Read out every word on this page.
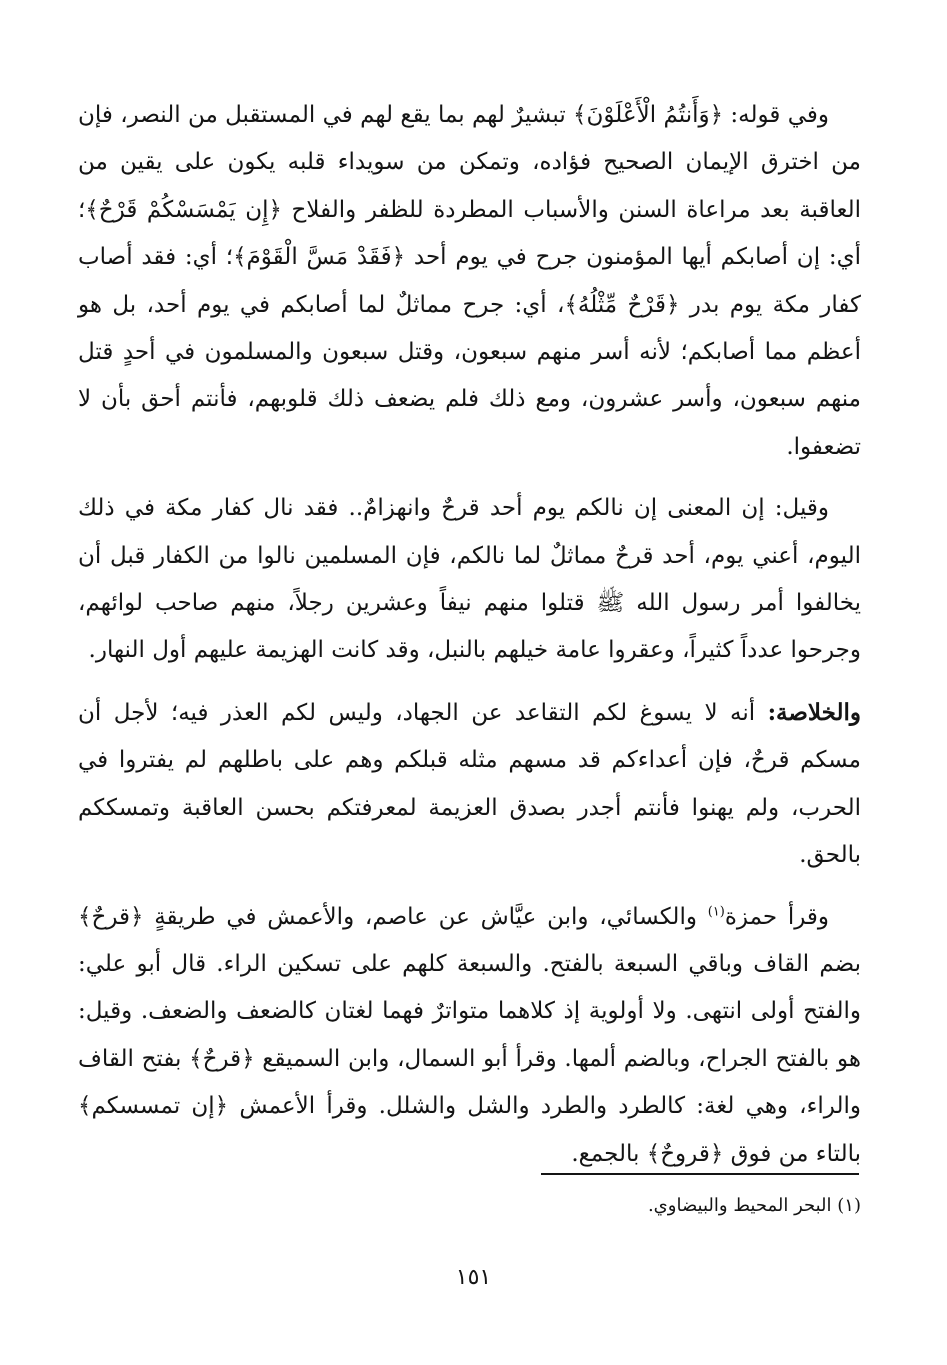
وفي قوله: ﴿وَأَنتُمُ الْأَعْلَوْنَ﴾ تبشيرٌ لهم بما يقع لهم في المستقبل من النصر، فإن من اخترق الإيمان الصحيح فؤاده، وتمكن من سويداء قلبه يكون على يقين من العاقبة بعد مراعاة السنن والأسباب المطردة للظفر والفلاح ﴿إِن يَمْسَسْكُمْ قَرْحٌ﴾؛ أي: إن أصابكم أيها المؤمنون جرح في يوم أحد ﴿فَقَدْ مَسَّ الْقَوْمَ﴾؛ أي: فقد أصاب كفار مكة يوم بدر ﴿قَرْحٌ مِّثْلُهُ﴾، أي: جرح مماثلٌ لما أصابكم في يوم أحد، بل هو أعظم مما أصابكم؛ لأنه أسر منهم سبعون، وقتل سبعون والمسلمون في أحدٍ قتل منهم سبعون، وأسر عشرون، ومع ذلك فلم يضعف ذلك قلوبهم، فأنتم أحق بأن لا تضعفوا.

وقيل: إن المعنى إن نالكم يوم أحد قرحٌ وانهزامٌ.. فقد نال كفار مكة في ذلك اليوم، أعني يوم، أحد قرحٌ مماثلٌ لما نالكم، فإن المسلمين نالوا من الكفار قبل أن يخالفوا أمر رسول الله ﷺ قتلوا منهم نيفاً وعشرين رجلاً، منهم صاحب لوائهم، وجرحوا عدداً كثيراً، وعقروا عامة خيلهم بالنبل، وقد كانت الهزيمة عليهم أول النهار.

والخلاصة: أنه لا يسوغ لكم التقاعد عن الجهاد، وليس لكم العذر فيه؛ لأجل أن مسكم قرحٌ، فإن أعداءكم قد مسهم مثله قبلكم وهم على باطلهم لم يفتروا في الحرب، ولم يهنوا فأنتم أجدر بصدق العزيمة لمعرفتكم بحسن العاقبة وتمسككم بالحق.

وقرأ حمزة$^{(١)}$ والكسائي، وابن عيَّاش عن عاصم، والأعمش في طريقةٍ ﴿قرحٌ﴾ بضم القاف وباقي السبعة بالفتح. والسبعة كلهم على تسكين الراء. قال أبو علي: والفتح أولى انتهى. ولا أولوية إذ كلاهما متواترٌ فهما لغتان كالضعف والضعف. وقيل: هو بالفتح الجراح، وبالضم ألمها. وقرأ أبو السمال، وابن السميقع ﴿قرحٌ﴾ بفتح القاف والراء، وهي لغة: كالطرد والطرد والشل والشلل. وقرأ الأعمش ﴿إن تمسسكم﴾ بالتاء من فوق ﴿قروحٌ﴾ بالجمع.

(١) البحر المحيط والبيضاوي.
١٥١
